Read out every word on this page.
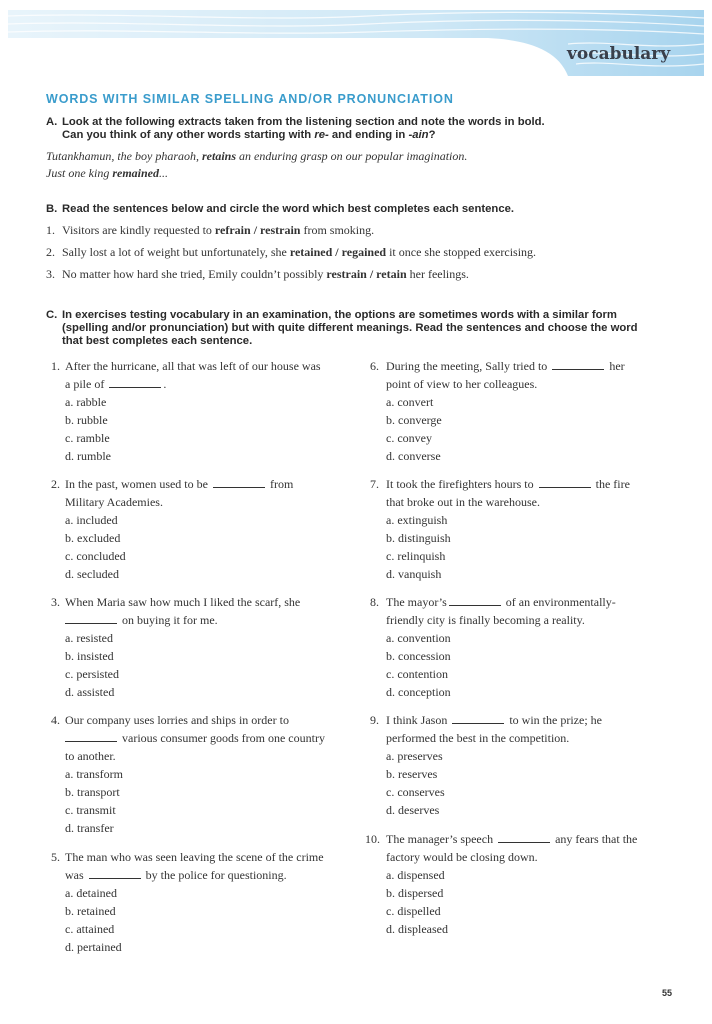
vocabulary
WORDS WITH SIMILAR SPELLING AND/OR PRONUNCIATION
A. Look at the following extracts taken from the listening section and note the words in bold.
Can you think of any other words starting with re- and ending in -ain?
Tutankhamun, the boy pharaoh, retains an enduring grasp on our popular imagination.
Just one king remained...
B. Read the sentences below and circle the word which best completes each sentence.
1. Visitors are kindly requested to refrain / restrain from smoking.
2. Sally lost a lot of weight but unfortunately, she retained / regained it once she stopped exercising.
3. No matter how hard she tried, Emily couldn’t possibly restrain / retain her feelings.
C. In exercises testing vocabulary in an examination, the options are sometimes words with a similar form
(spelling and/or pronunciation) but with quite different meanings. Read the sentences and choose the word
that best completes each sentence.
1. After the hurricane, all that was left of our house was
a pile of	.
a. rabble
b. rubble
c. ramble
d. rumble
2. In the past, women used to be	from
Military Academies.
a. included
b. excluded
c. concluded
d. secluded
3. When Maria saw how much I liked the scarf, she
on buying it for me.
a. resisted
b. insisted
c. persisted
d. assisted
4. Our company uses lorries and ships in order to
various consumer goods from one country
to another.
a. transform
b. transport
c. transmit
d. transfer
5. The man who was seen leaving the scene of the crime
was	by the police for questioning.
a. detained
b. retained
c. attained
d. pertained
6. During the meeting, Sally tried to	her
point of view to her colleagues.
a. convert
b. converge
c. convey
d. converse
7. It took the firefighters hours to	the fire
that broke out in the warehouse.
a. extinguish
b. distinguish
c. relinquish
d. vanquish
8. The mayor’s	of an environmentally-
friendly city is finally becoming a reality.
a. convention
b. concession
c. contention
d. conception
9. I think Jason	to win the prize; he
performed the best in the competition.
a. preserves
b. reserves
c. conserves
d. deserves
10. The manager’s speech	any fears that the
factory would be closing down.
a. dispensed
b. dispersed
c. dispelled
d. displeased
55
